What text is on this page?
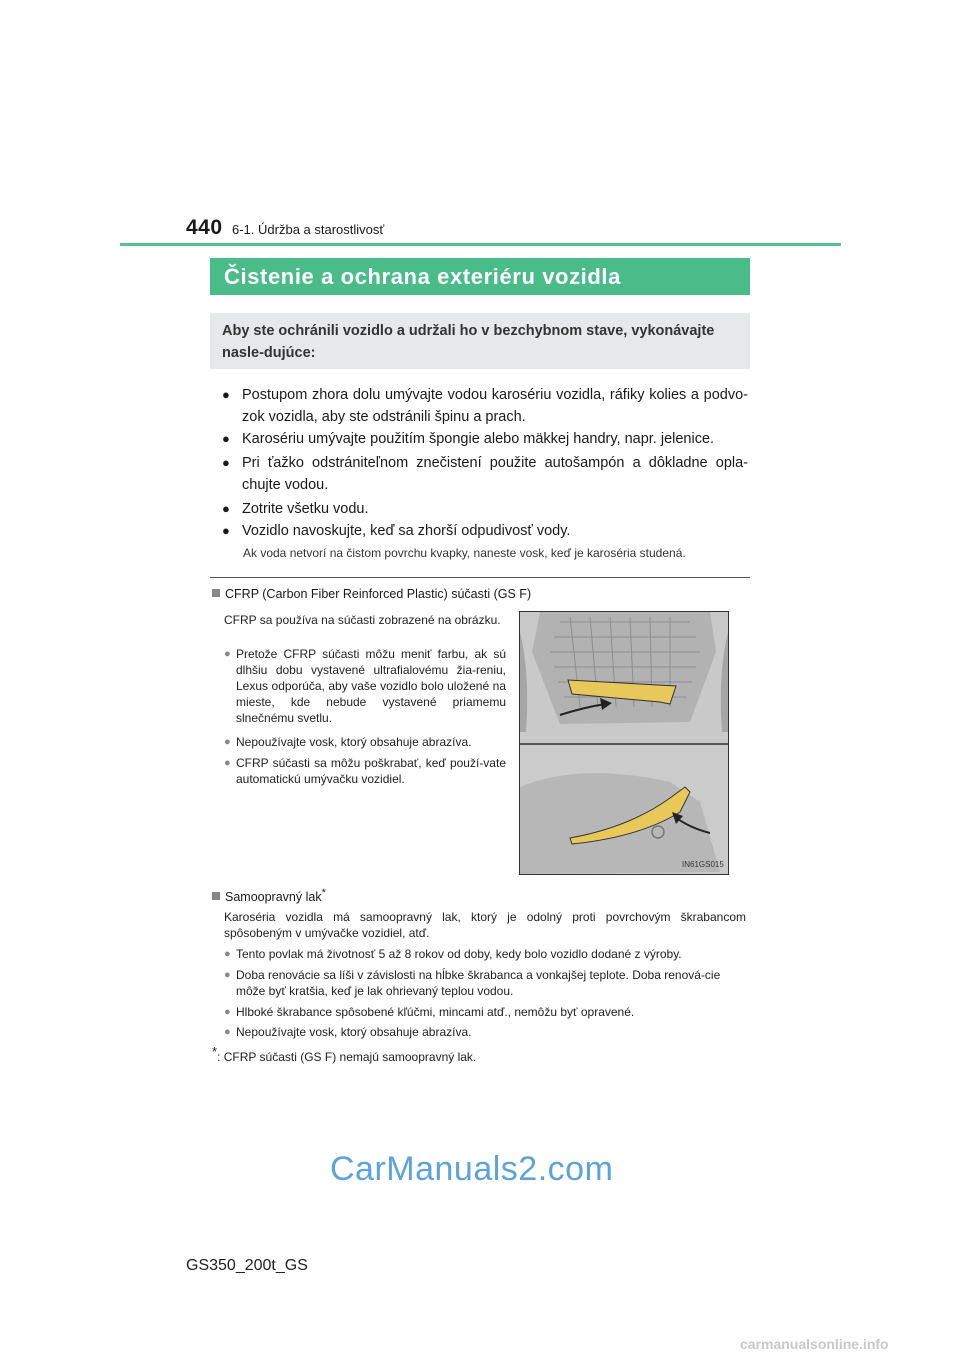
440 6-1. Údržba a starostlivosť
Čistenie a ochrana exteriéru vozidla
Aby ste ochránili vozidlo a udržali ho v bezchybnom stave, vykonávajte nasle-dujúce:
● Postupom zhora dolu umývajte vodou karosériu vozidla, ráfiky kolies a podvo-zok vozidla, aby ste odstránili špinu a prach.
● Karosériu umývajte použitím špongie alebo mäkkej handry, napr. jelenice.
● Pri ťažko odstrániteľnom znečistení použite autošampón a dôkladne opla-chujte vodou.
● Zotrite všetku vodu.
● Vozidlo navoskujte, keď sa zhorší odpudivosť vody.
Ak voda netvorí na čistom povrchu kvapky, naneste vosk, keď je karoséria studená.
CFRP (Carbon Fiber Reinforced Plastic) súčasti (GS F)
CFRP sa používa na súčasti zobrazené na obrázku.
● Pretože CFRP súčasti môžu meniť farbu, ak sú dlhšiu dobu vystavené ultrafialovému žia-reniu, Lexus odporúča, aby vaše vozidlo bolo uložené na mieste, kde nebude vystavené priamemu slnečnému svetlu.
● Nepoužívajte vosk, ktorý obsahuje abrazíva.
● CFRP súčasti sa môžu poškrabať, keď použí-vate automatickú umývačku vozidiel.
IN61GS015
Samoopravný lak*
Karoséria vozidla má samoopravný lak, ktorý je odolný proti povrchovým škrabancom spôsobeným v umývačke vozidiel, atď.
● Tento povlak má životnosť 5 až 8 rokov od doby, kedy bolo vozidlo dodané z výroby.
● Doba renovácie sa líši v závislosti na hĺbke škrabanca a vonkajšej teplote. Doba renová-cie môže byť kratšia, keď je lak ohrievaný teplou vodou.
● Hlboké škrabance spôsobené kľúčmi, mincami atď., nemôžu byť opravené.
● Nepoužívajte vosk, ktorý obsahuje abrazíva.
*: CFRP súčasti (GS F) nemajú samoopravný lak.
CarManuals2.com
GS350_200t_GS
carmanualsonline.info
